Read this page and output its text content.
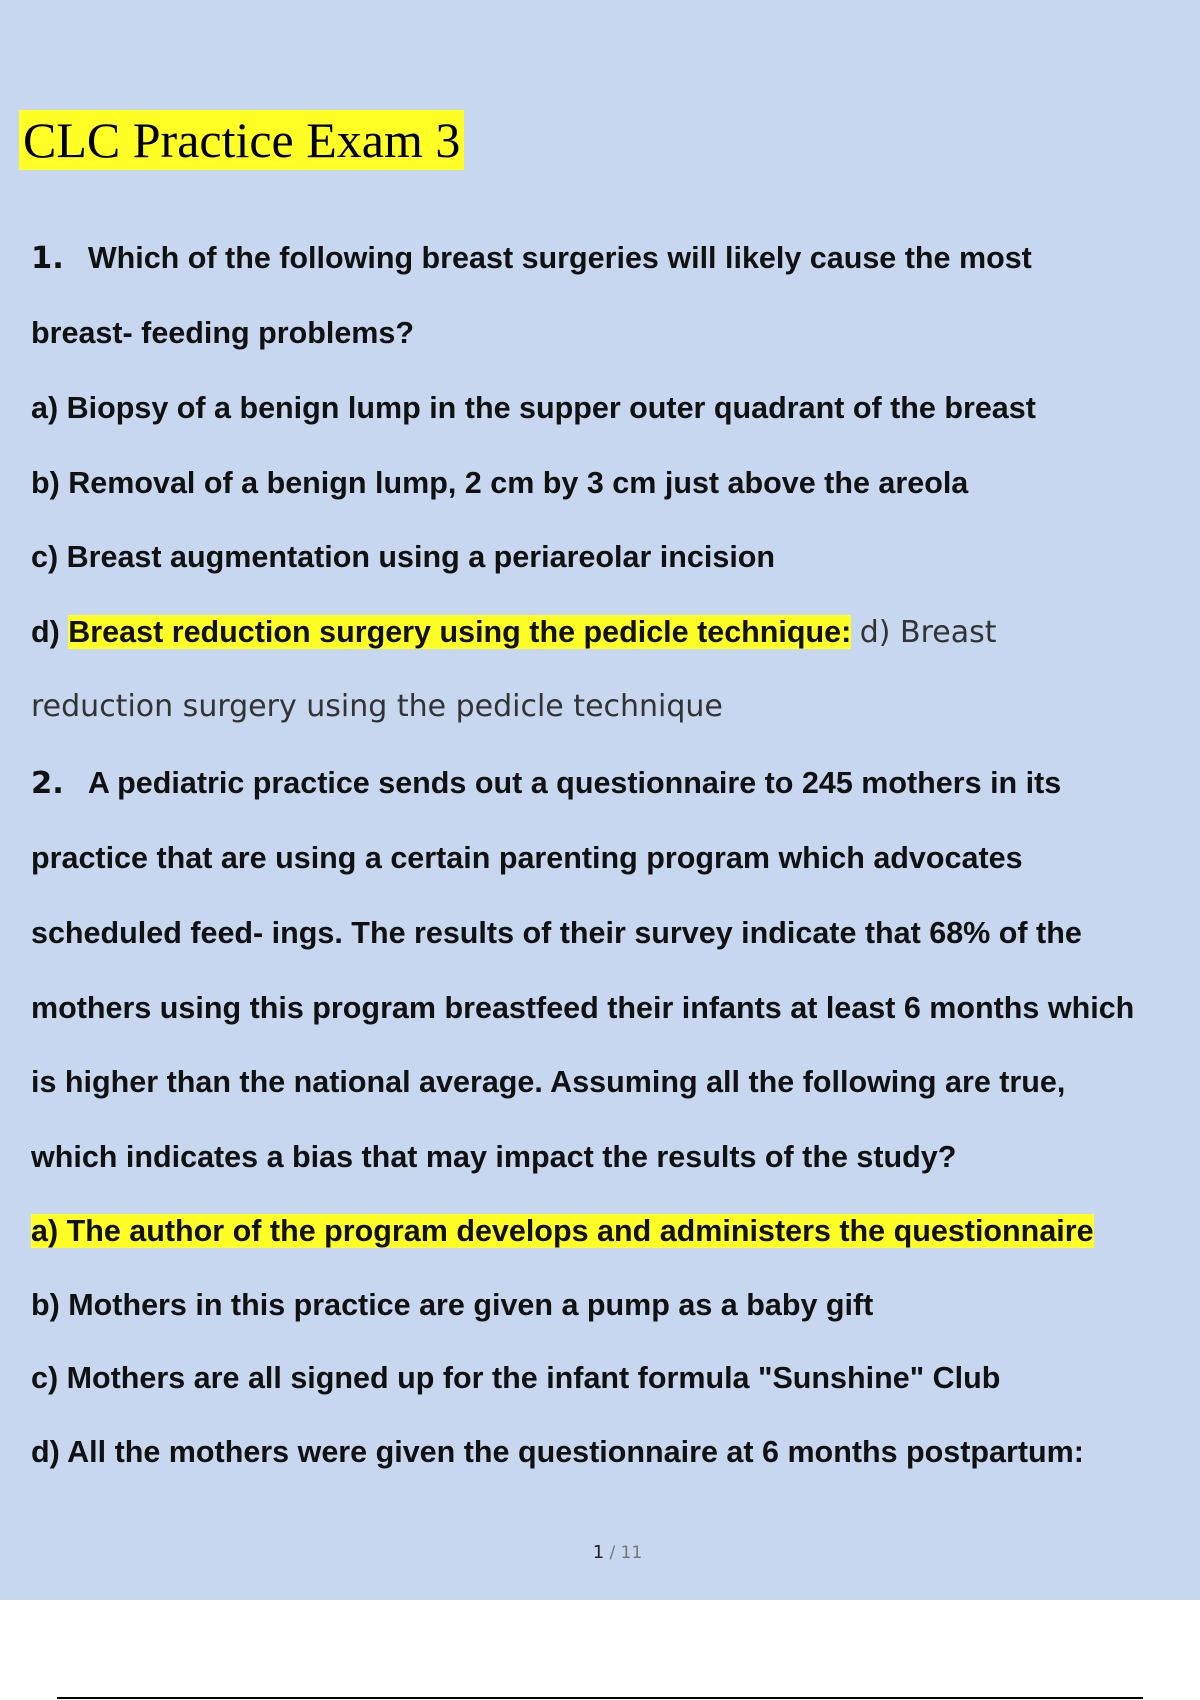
CLC Practice Exam 3
1. Which of the following breast surgeries will likely cause the most
breast- feeding problems?
a) Biopsy of a benign lump in the supper outer quadrant of the breast
b) Removal of a benign lump, 2 cm by 3 cm just above the areola
c) Breast augmentation using a periareolar incision
d) Breast reduction surgery using the pedicle technique: d) Breast
reduction surgery using the pedicle technique
2. A pediatric practice sends out a questionnaire to 245 mothers in its
practice that are using a certain parenting program which advocates
scheduled feed- ings. The results of their survey indicate that 68% of the
mothers using this program breastfeed their infants at least 6 months which
is higher than the national average. Assuming all the following are true,
which indicates a bias that may impact the results of the study?
a) The author of the program develops and administers the questionnaire
b) Mothers in this practice are given a pump as a baby gift
c) Mothers are all signed up for the infant formula "Sunshine" Club
d) All the mothers were given the questionnaire at 6 months postpartum:
1 / 11
